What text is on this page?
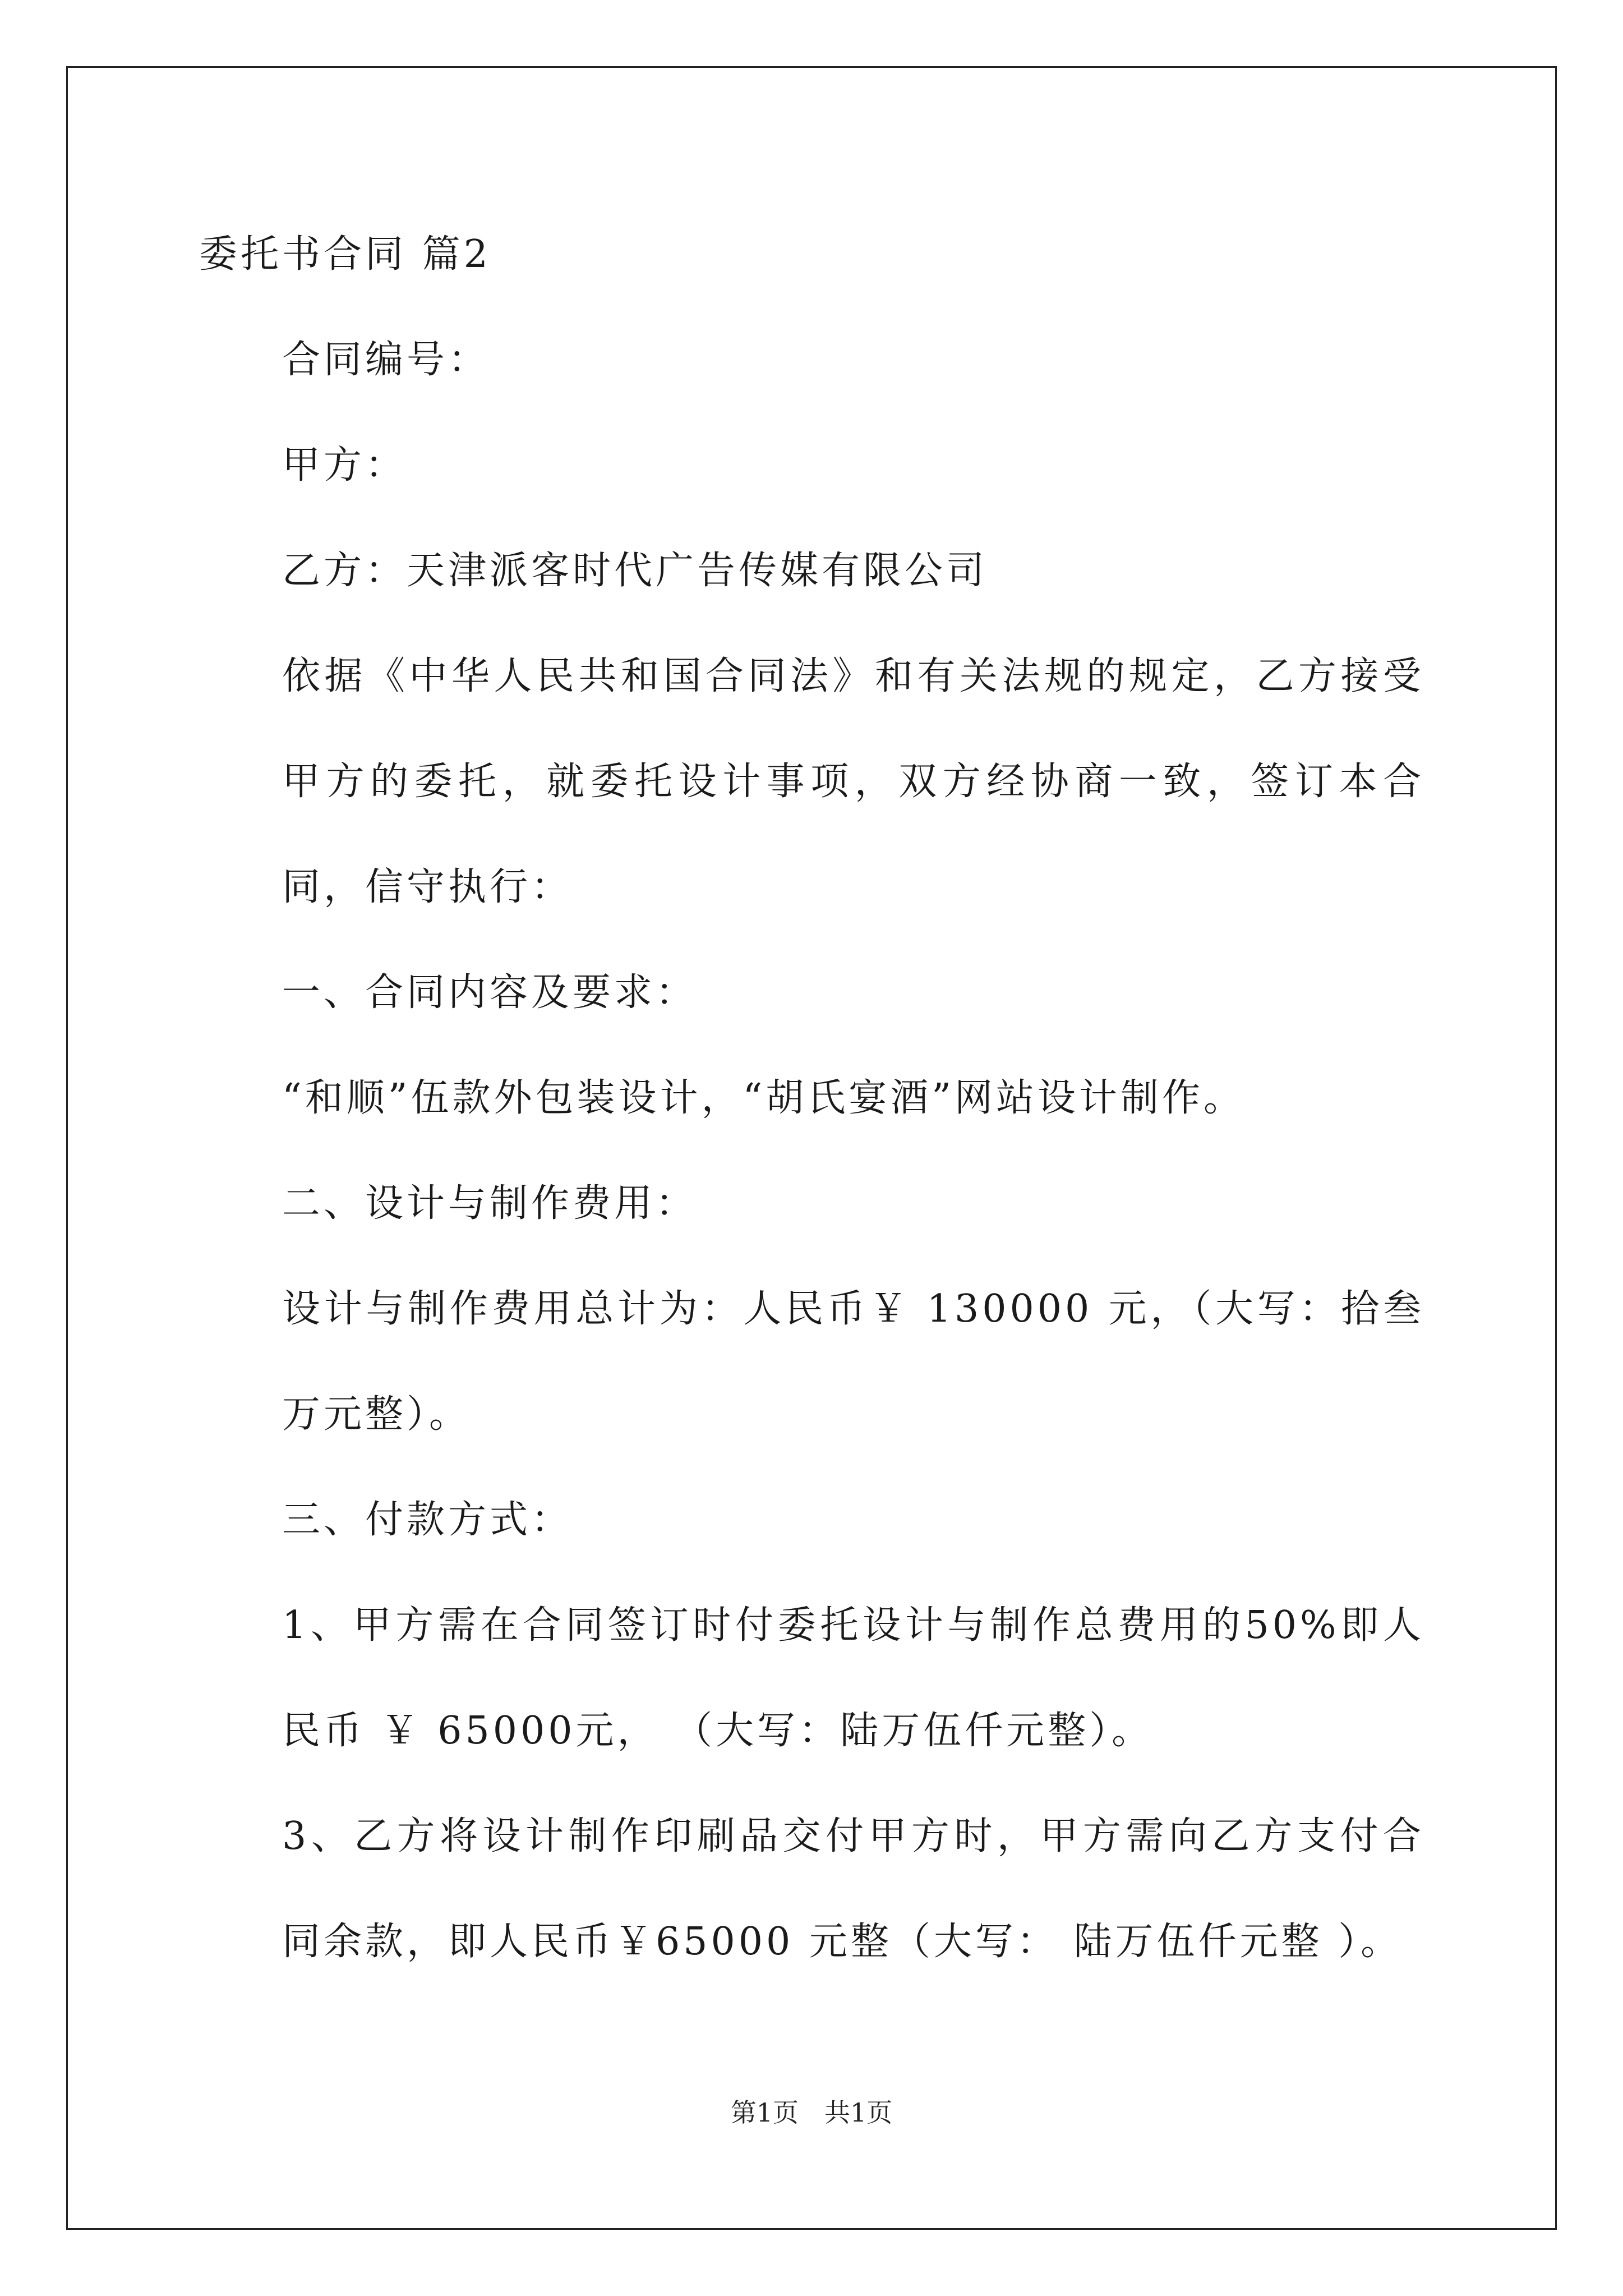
委托书合同 篇2
合同编号：
甲方：
乙方：天津派客时代广告传媒有限公司
依据《中华人民共和国合同法》和有关法规的规定，乙方接受甲方的委托，就委托设计事项，双方经协商一致，签订本合同，信守执行：
一、合同内容及要求：
“和顺”伍款外包装设计，“胡氏宴酒”网站设计制作。
二、设计与制作费用：
设计与制作费用总计为：人民币￥ 130000 元，（大写：拾叁万元整）。
三、付款方式：
1、甲方需在合同签订时付委托设计与制作总费用的50%即人民币 ￥ 65000元， （大写：陆万伍仟元整）。
3、乙方将设计制作印刷品交付甲方时，甲方需向乙方支付合同余款，即人民币￥65000 元整（大写： 陆万伍仟元整 ）。
第1页　共1页
